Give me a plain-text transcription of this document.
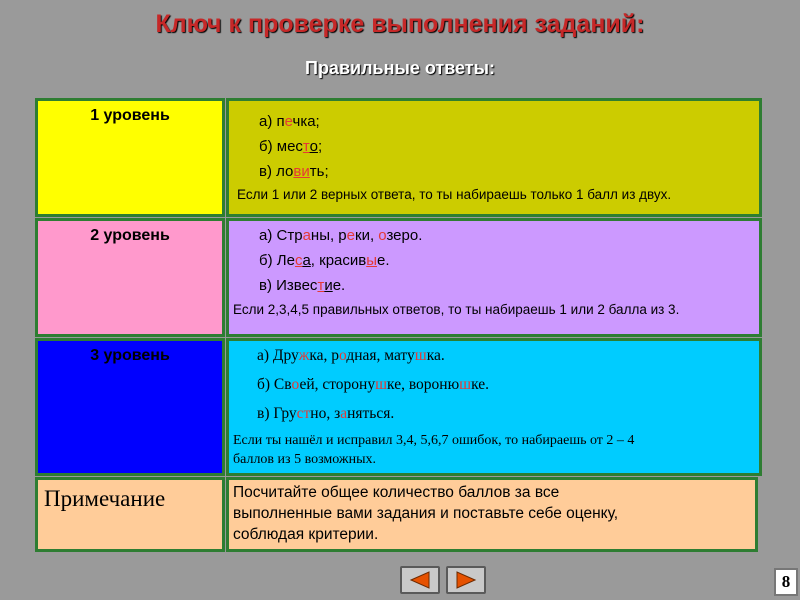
Ключ к проверке выполнения заданий:
Правильные ответы:
1 уровень	а) печка;
б) место;
в) ловить;
Если 1 или 2 верных ответа, то ты набираешь только 1 балл из двух.
2 уровень	а) Страны, реки, озеро.
б) Леса, красивые.
в) Известие.
Если 2,3,4,5 правильных ответов, то ты набираешь 1 или 2 балла из 3.
3 уровень	а) Дружка, родная, матушка.
б) Своей, сторонушке, воронюшке.
в) Грустно, заняться.
Если ты нашёл и исправил 3,4, 5,6,7 ошибок, то набираешь от 2 – 4
баллов из 5 возможных.
Примечание	Посчитайте общее количество баллов за все
выполненные вами задания и поставьте себе оценку,
соблюдая критерии.
8
